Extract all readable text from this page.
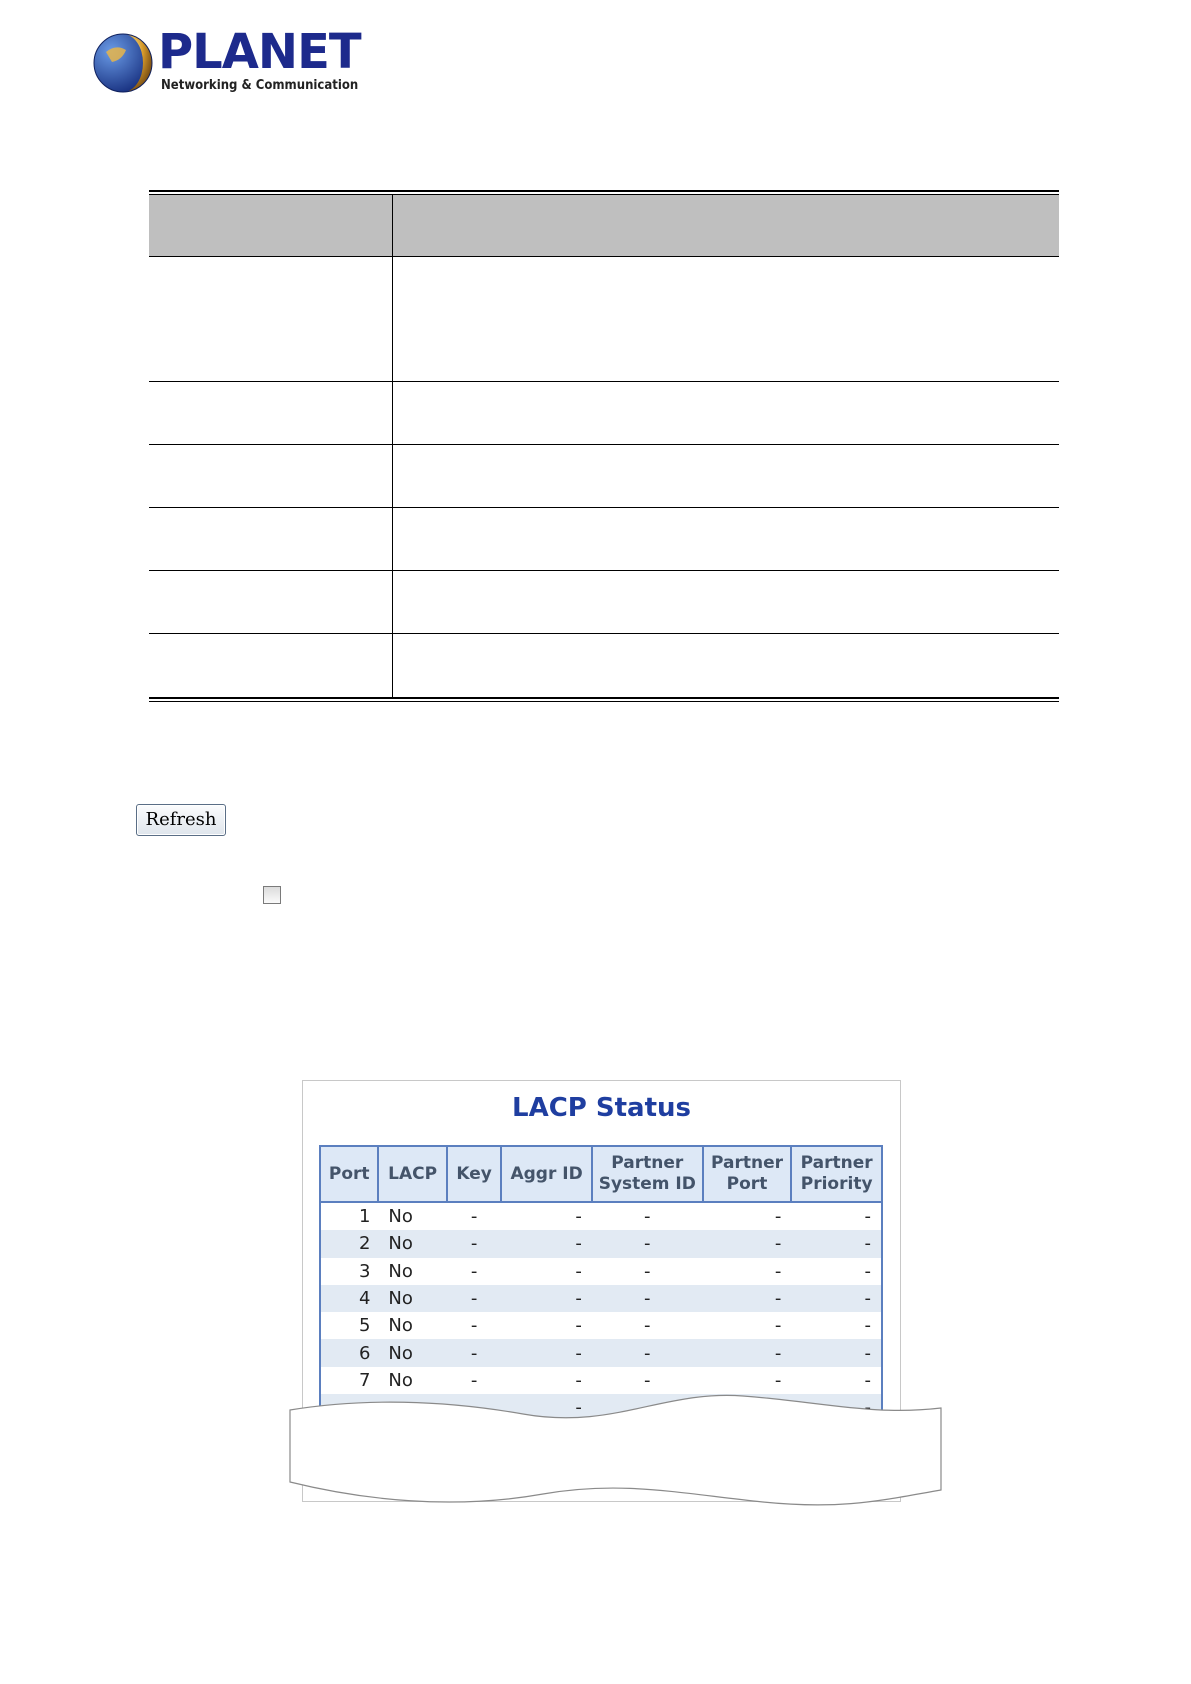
PLANET
Networking & Communication
Refresh
LACP Status
Port	LACP	Key	Aggr ID	Partner System ID	Partner Port	Partner Priority
1	No	-	-	-	-	-
2	No	-	-	-	-	-
3	No	-	-	-	-	-
4	No	-	-	-	-	-
5	No	-	-	-	-	-
6	No	-	-	-	-	-
7	No	-	-	-	-	-
			-			-
